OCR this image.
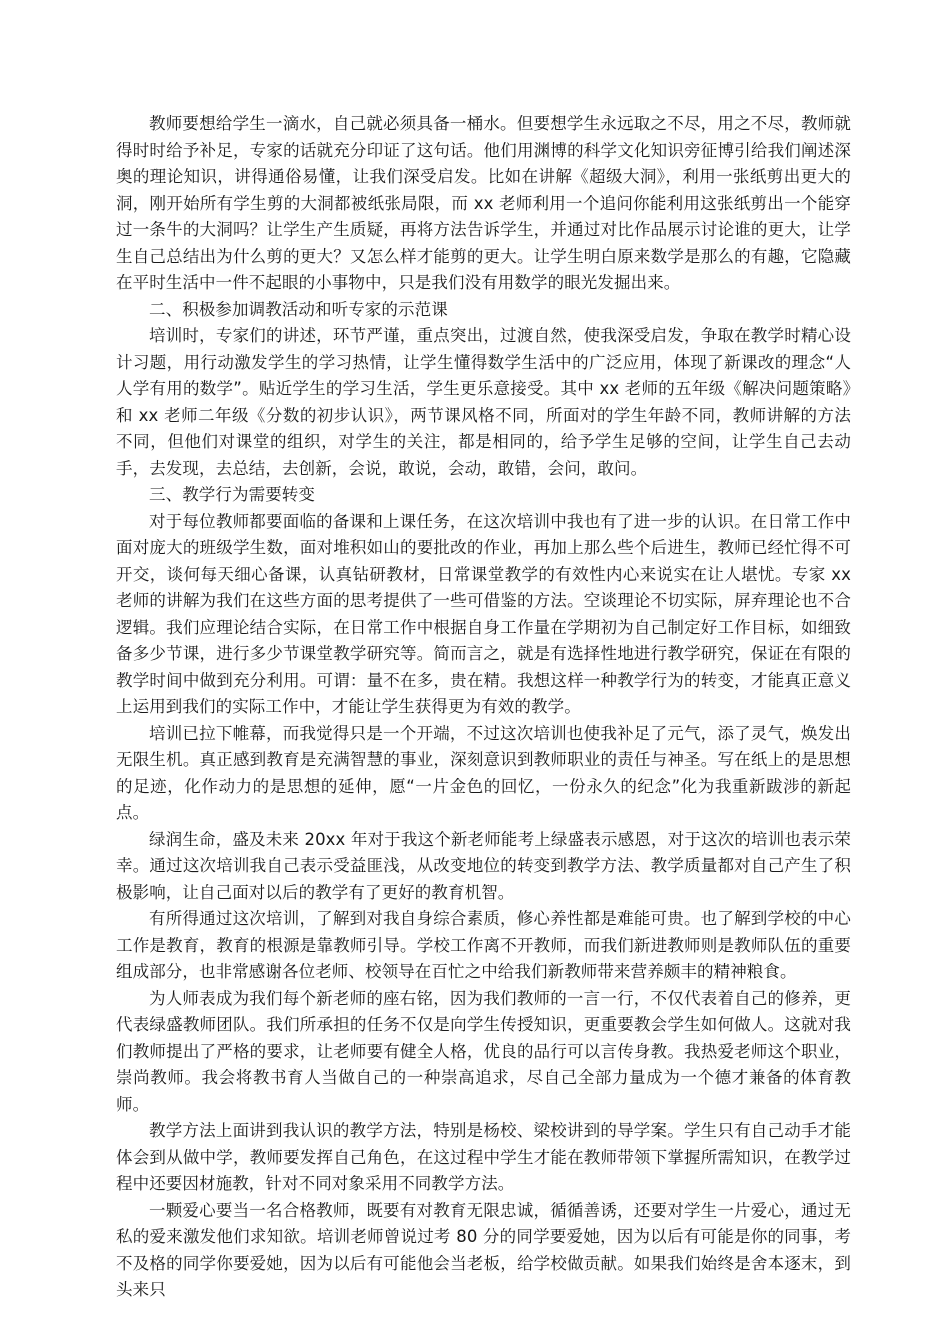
教师要想给学生一滴水，自己就必须具备一桶水。但要想学生永远取之不尽，用之不尽，教师就得时时给予补足，专家的话就充分印证了这句话。他们用渊博的科学文化知识旁征博引给我们阐述深奥的理论知识，讲得通俗易懂，让我们深受启发。比如在讲解《超级大洞》，利用一张纸剪出更大的洞，刚开始所有学生剪的大洞都被纸张局限，而 xx 老师利用一个追问你能利用这张纸剪出一个能穿过一条牛的大洞吗？让学生产生质疑，再将方法告诉学生，并通过对比作品展示讨论谁的更大，让学生自己总结出为什么剪的更大？又怎么样才能剪的更大。让学生明白原来数学是那么的有趣，它隐藏在平时生活中一件不起眼的小事物中，只是我们没有用数学的眼光发掘出来。

二、积极参加调教活动和听专家的示范课

培训时，专家们的讲述，环节严谨，重点突出，过渡自然，使我深受启发，争取在教学时精心设计习题，用行动激发学生的学习热情，让学生懂得数学生活中的广泛应用，体现了新课改的理念“人人学有用的数学”。贴近学生的学习生活，学生更乐意接受。其中 xx 老师的五年级《解决问题策略》和 xx 老师二年级《分数的初步认识》，两节课风格不同，所面对的学生年龄不同，教师讲解的方法不同，但他们对课堂的组织，对学生的关注，都是相同的，给予学生足够的空间，让学生自己去动手，去发现，去总结，去创新，会说，敢说，会动，敢错，会问，敢问。

三、教学行为需要转变

对于每位教师都要面临的备课和上课任务，在这次培训中我也有了进一步的认识。在日常工作中面对庞大的班级学生数，面对堆积如山的要批改的作业，再加上那么些个后进生，教师已经忙得不可开交，谈何每天细心备课，认真钻研教材，日常课堂教学的有效性内心来说实在让人堪忧。专家 xx 老师的讲解为我们在这些方面的思考提供了一些可借鉴的方法。空谈理论不切实际，屏弃理论也不合逻辑。我们应理论结合实际，在日常工作中根据自身工作量在学期初为自己制定好工作目标，如细致备多少节课，进行多少节课堂教学研究等。简而言之，就是有选择性地进行教学研究，保证在有限的教学时间中做到充分利用。可谓：量不在多，贵在精。我想这样一种教学行为的转变，才能真正意义上运用到我们的实际工作中，才能让学生获得更为有效的教学。

培训已拉下帷幕，而我觉得只是一个开端，不过这次培训也使我补足了元气，添了灵气，焕发出无限生机。真正感到教育是充满智慧的事业，深刻意识到教师职业的责任与神圣。写在纸上的是思想的足迹，化作动力的是思想的延伸，愿“一片金色的回忆，一份永久的纪念”化为我重新跋涉的新起点。

绿润生命，盛及未来 20xx 年对于我这个新老师能考上绿盛表示感恩，对于这次的培训也表示荣幸。通过这次培训我自己表示受益匪浅，从改变地位的转变到教学方法、教学质量都对自己产生了积极影响，让自己面对以后的教学有了更好的教育机智。

有所得通过这次培训，了解到对我自身综合素质，修心养性都是难能可贵。也了解到学校的中心工作是教育，教育的根源是靠教师引导。学校工作离不开教师，而我们新进教师则是教师队伍的重要组成部分，也非常感谢各位老师、校领导在百忙之中给我们新教师带来营养颇丰的精神粮食。

为人师表成为我们每个新老师的座右铭，因为我们教师的一言一行，不仅代表着自己的修养，更代表绿盛教师团队。我们所承担的任务不仅是向学生传授知识，更重要教会学生如何做人。这就对我们教师提出了严格的要求，让老师要有健全人格，优良的品行可以言传身教。我热爱老师这个职业，崇尚教师。我会将教书育人当做自己的一种崇高追求，尽自己全部力量成为一个德才兼备的体育教师。

教学方法上面讲到我认识的教学方法，特别是杨校、梁校讲到的导学案。学生只有自己动手才能体会到从做中学，教师要发挥自己角色，在这过程中学生才能在教师带领下掌握所需知识，在教学过程中还要因材施教，针对不同对象采用不同教学方法。

一颗爱心要当一名合格教师，既要有对教育无限忠诚，循循善诱，还要对学生一片爱心，通过无私的爱来激发他们求知欲。培训老师曾说过考 80 分的同学要爱她，因为以后有可能是你的同事，考不及格的同学你要爱她，因为以后有可能他会当老板，给学校做贡献。如果我们始终是舍本逐末，到头来只
